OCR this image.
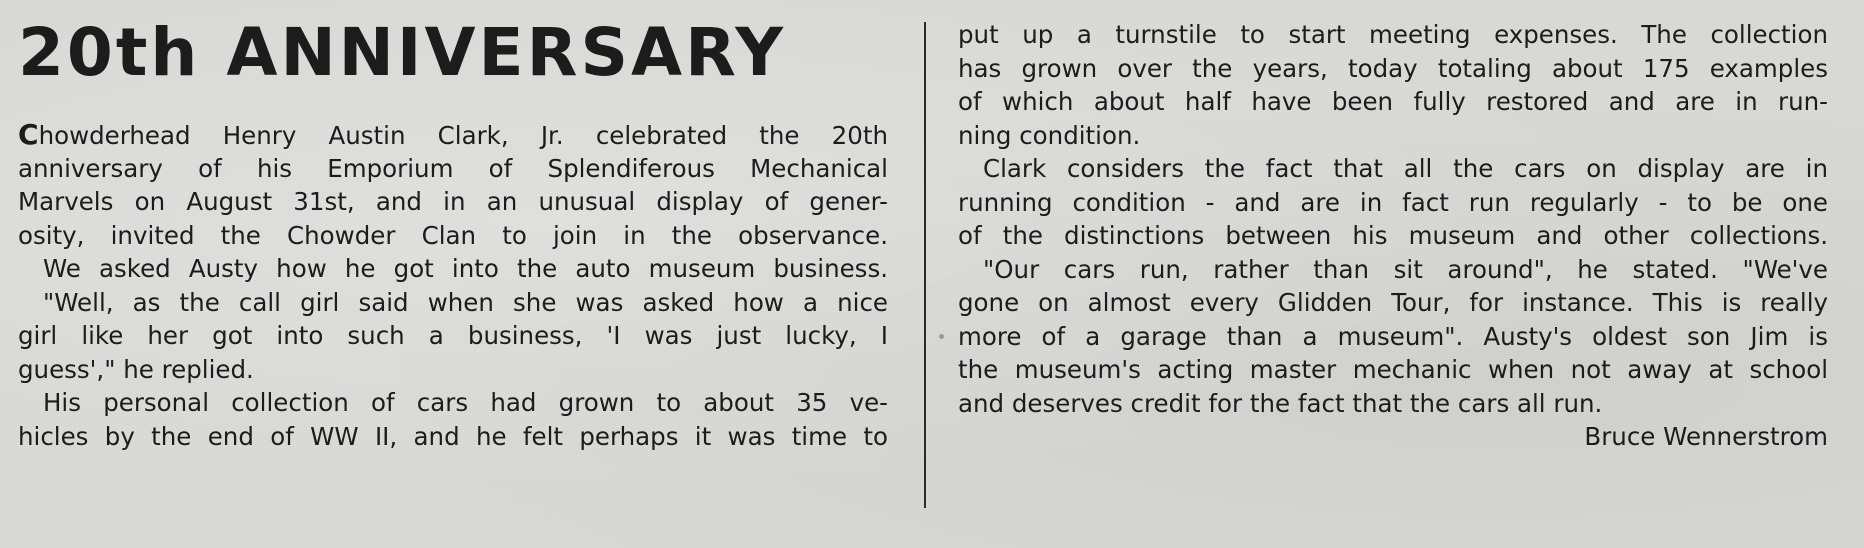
20th ANNIVERSARY
Chowderhead Henry Austin Clark, Jr. celebrated the 20th
anniversary of his Emporium of Splendiferous Mechanical
Marvels on August 31st, and in an unusual display of gener-
osity, invited the Chowder Clan to join in the observance.
We asked Austy how he got into the auto museum business.
"Well, as the call girl said when she was asked how a nice
girl like her got into such a business, 'I was just lucky, I
guess'," he replied.
His personal collection of cars had grown to about 35 ve-
hicles by the end of WW II, and he felt perhaps it was time to
put up a turnstile to start meeting expenses. The collection
has grown over the years, today totaling about 175 examples
of which about half have been fully restored and are in run-
ning condition.
Clark considers the fact that all the cars on display are in
running condition - and are in fact run regularly - to be one
of the distinctions between his museum and other collections.
"Our cars run, rather than sit around", he stated. "We've
gone on almost every Glidden Tour, for instance. This is really
more of a garage than a museum". Austy's oldest son Jim is
the museum's acting master mechanic when not away at school
and deserves credit for the fact that the cars all run.
Bruce Wennerstrom
